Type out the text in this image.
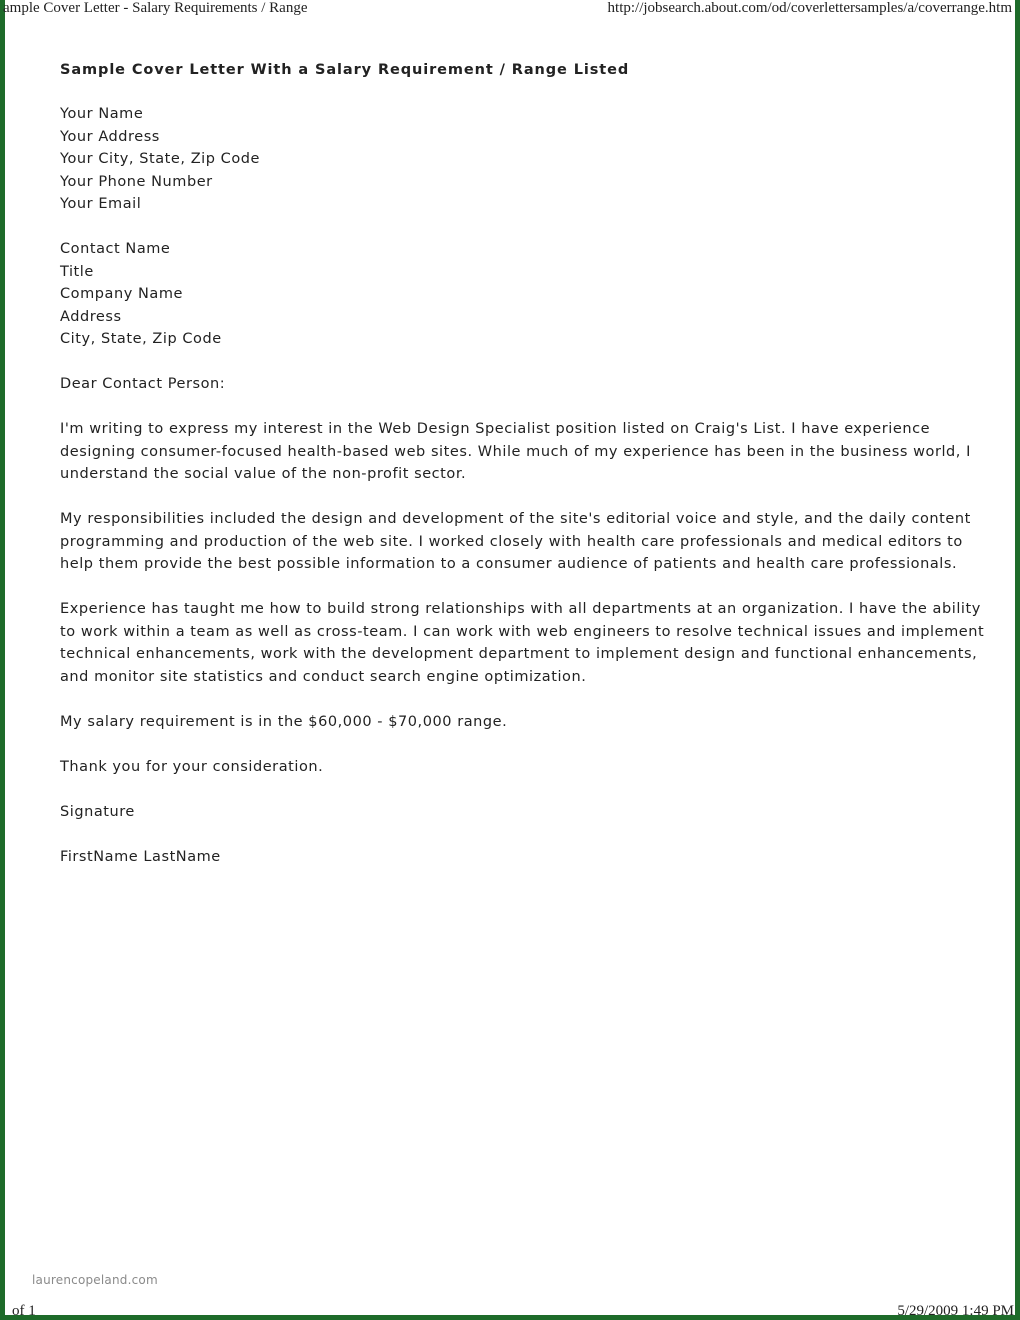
ample Cover Letter - Salary Requirements / Range	http://jobsearch.about.com/od/coverlettersamples/a/coverrange.htm
Sample Cover Letter With a Salary Requirement / Range Listed
Your Name
Your Address
Your City, State, Zip Code
Your Phone Number
Your Email
Contact Name
Title
Company Name
Address
City, State, Zip Code
Dear Contact Person:
I'm writing to express my interest in the Web Design Specialist position listed on Craig's List. I have experience
designing consumer-focused health-based web sites. While much of my experience has been in the business world, I
understand the social value of the non-profit sector.
My responsibilities included the design and development of the site's editorial voice and style, and the daily content
programming and production of the web site. I worked closely with health care professionals and medical editors to
help them provide the best possible information to a consumer audience of patients and health care professionals.
Experience has taught me how to build strong relationships with all departments at an organization. I have the ability
to work within a team as well as cross-team. I can work with web engineers to resolve technical issues and implement
technical enhancements, work with the development department to implement design and functional enhancements,
and monitor site statistics and conduct search engine optimization.
My salary requirement is in the $60,000 - $70,000 range.
Thank you for your consideration.
Signature
FirstName LastName
laurencopeland.com
of 1	5/29/2009 1:49 PM
